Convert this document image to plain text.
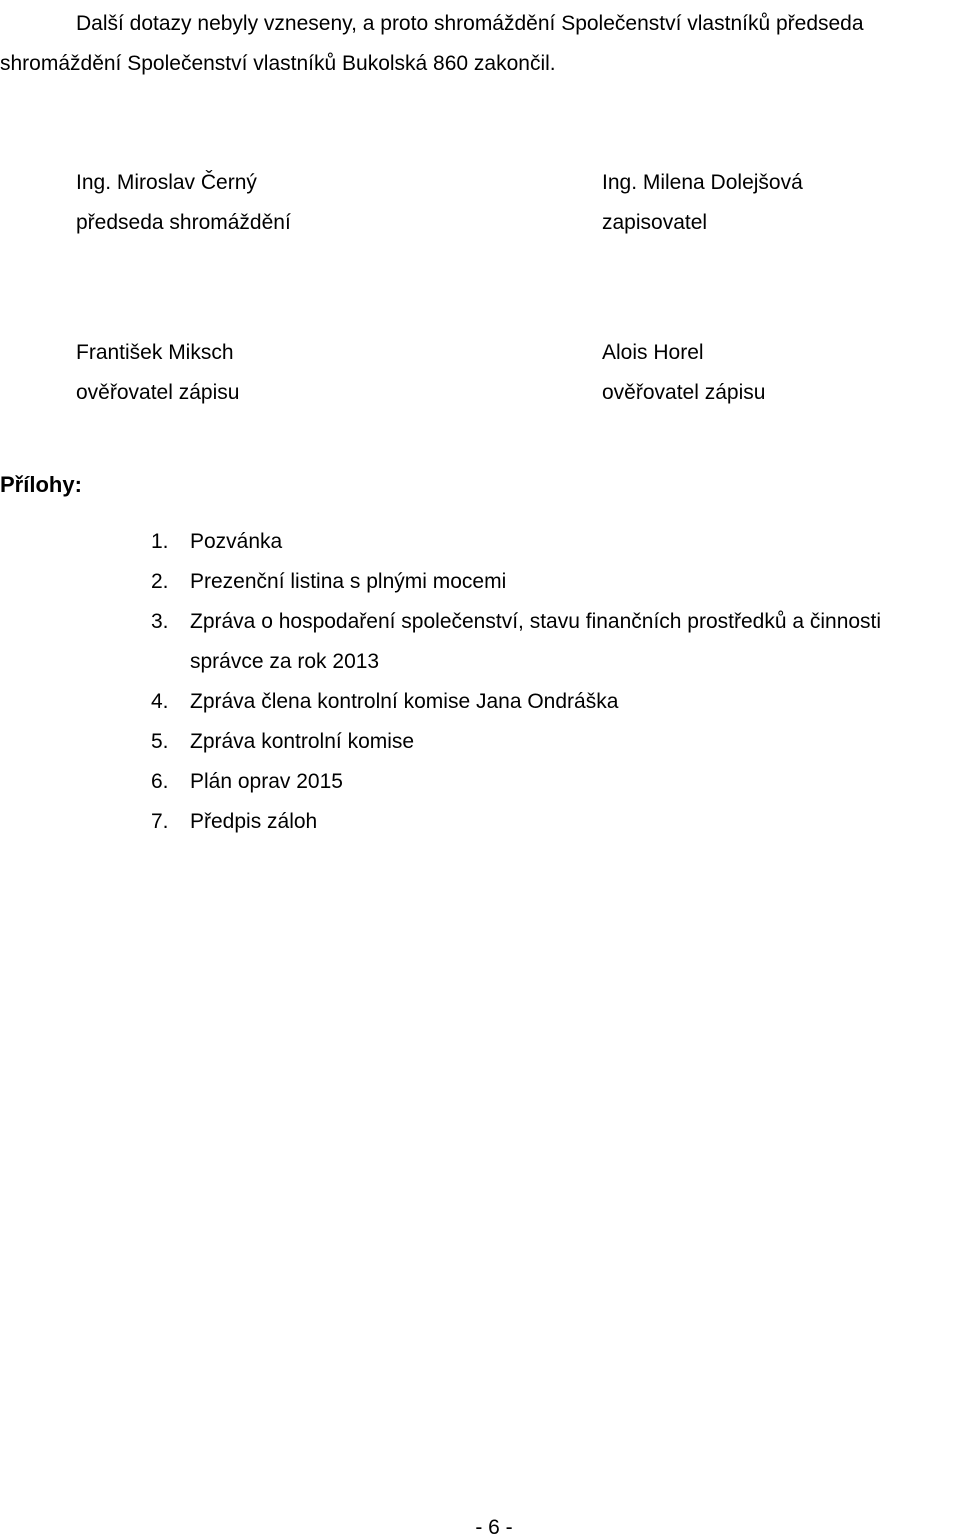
Další dotazy nebyly vzneseny, a proto shromáždění Společenství vlastníků předseda
shromáždění Společenství vlastníků Bukolská 860 zakončil.
Ing. Miroslav Černý
předseda shromáždění
Ing. Milena Dolejšová
zapisovatel
František Miksch
ověřovatel zápisu
Alois Horel
ověřovatel zápisu
Přílohy:
1. Pozvánka
2. Prezenční listina s plnými mocemi
3. Zpráva o hospodaření společenství, stavu finančních prostředků a činnosti
správce za rok 2013
4. Zpráva člena kontrolní komise Jana Ondráška
5. Zpráva kontrolní komise
6. Plán oprav 2015
7. Předpis záloh
- 6 -
